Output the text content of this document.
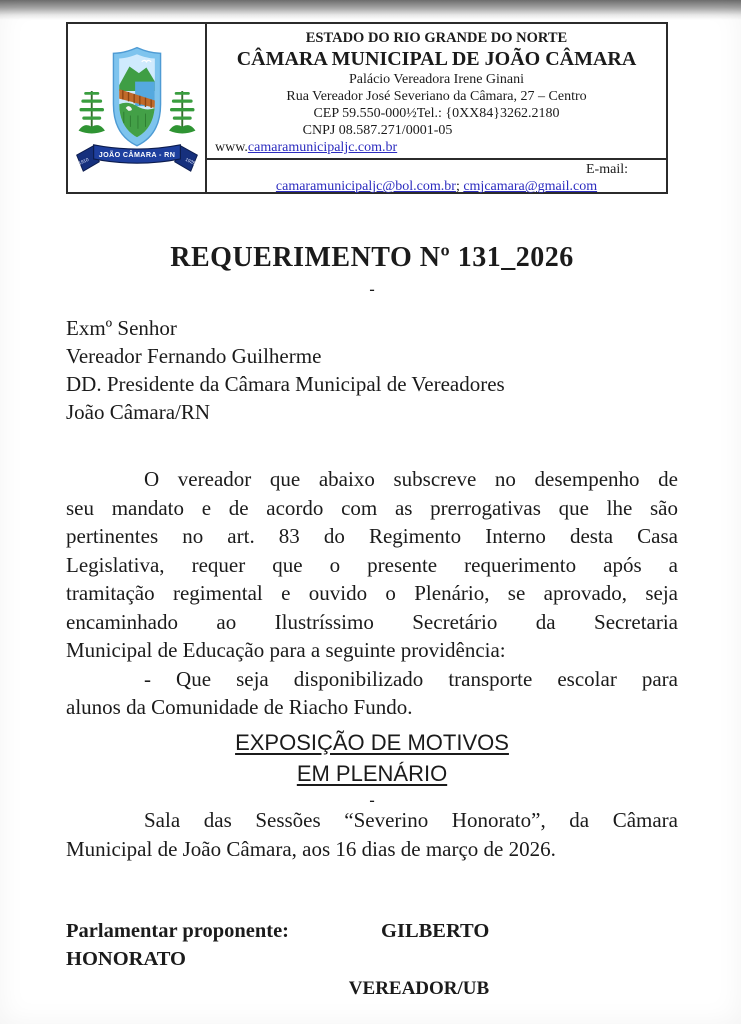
JOÃO CÂMARA - RN
1910	1928
ESTADO DO RIO GRANDE DO NORTE
CÂMARA MUNICIPAL DE JOÃO CÂMARA
Palácio Vereadora Irene Ginani
Rua Vereador José Severiano da Câmara, 27 – Centro
CEP 59.550-000½Tel.: {0XX84}3262.2180
CNPJ 08.587.271/0001-05
www.camaramunicipaljc.com.br
E-mail:
camaramunicipaljc@bol.com.br; cmjcamara@gmail.com
REQUERIMENTO Nº 131_2026
-
Exmº Senhor
Vereador Fernando Guilherme
DD. Presidente da Câmara Municipal de Vereadores
João Câmara/RN
O vereador que abaixo subscreve no desempenho de
seu mandato e de acordo com as prerrogativas que lhe são
pertinentes no art. 83 do Regimento Interno desta Casa
Legislativa, requer que o presente requerimento após a
tramitação regimental e ouvido o Plenário, se aprovado, seja
encaminhado ao Ilustríssimo Secretário da Secretaria
Municipal de Educação para a seguinte providência:
- Que seja disponibilizado transporte escolar para
alunos da Comunidade de Riacho Fundo.
EXPOSIÇÃO DE MOTIVOS
EM PLENÁRIO
-
Sala das Sessões “Severino Honorato”, da Câmara
Municipal de João Câmara, aos 16 dias de março de 2026.
Parlamentar proponente:	GILBERTO
HONORATO
VEREADOR/UB
